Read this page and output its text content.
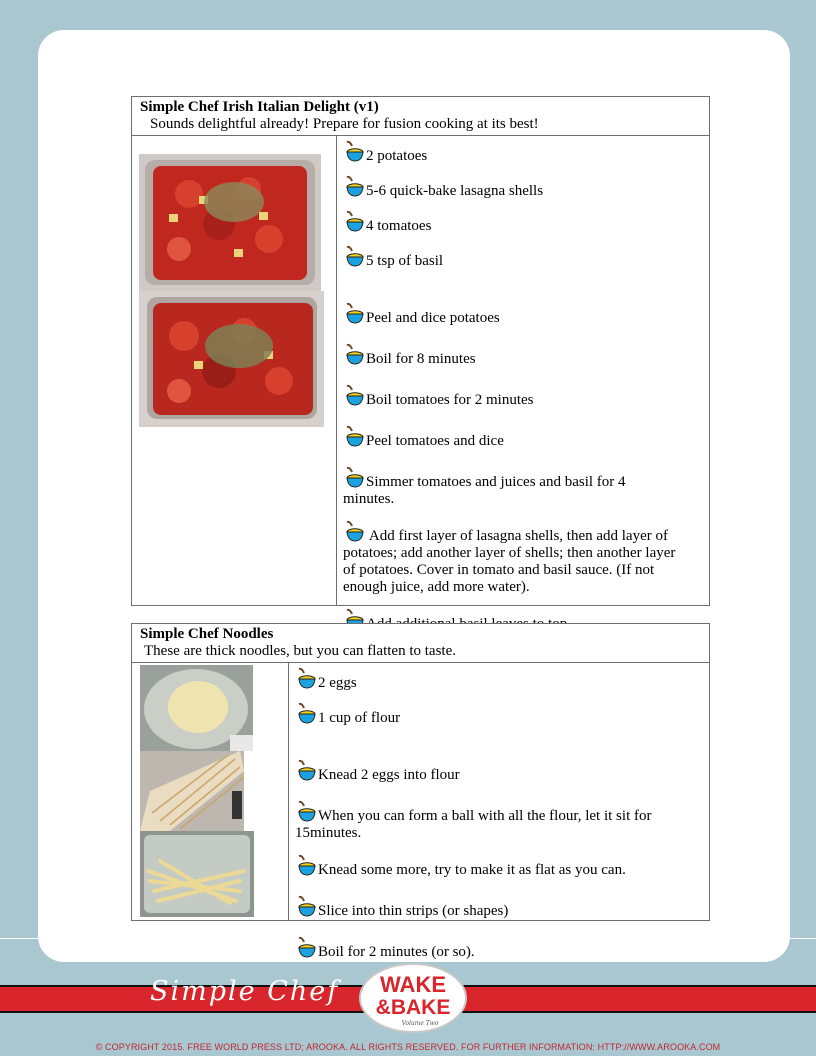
Simple Chef Irish Italian Delight (v1)
Sounds delightful already! Prepare for fusion cooking at its best!
2 potatoes
5-6 quick-bake lasagna shells
4 tomatoes
5 tsp of basil
Peel and dice potatoes
Boil for 8 minutes
Boil tomatoes for 2 minutes
Peel tomatoes and dice
Simmer tomatoes and juices and basil for 4
minutes.
Add first layer of lasagna shells, then add layer of
potatoes; add another layer of shells; then another layer
of potatoes. Cover in tomato and basil sauce. (If not
enough juice, add more water).
Simple Chef Noodles
These are thick noodles, but you can flatten to taste.
2 eggs
1 cup of flour
Knead 2 eggs into flour
When you can form a ball with all the flour, let it sit for
15minutes.
Knead some more, try to make it as flat as you can.
Slice into thin strips (or shapes)
Boil for 2 minutes (or so).
Simple Chef WAKE
&BAKE
Volume Two
© COPYRIGHT 2015. FREE WORLD PRESS LTD; AROOKA. ALL RIGHTS RESERVED. FOR FURTHER INFORMATION: HTTP://WWW.AROOKA.COM
